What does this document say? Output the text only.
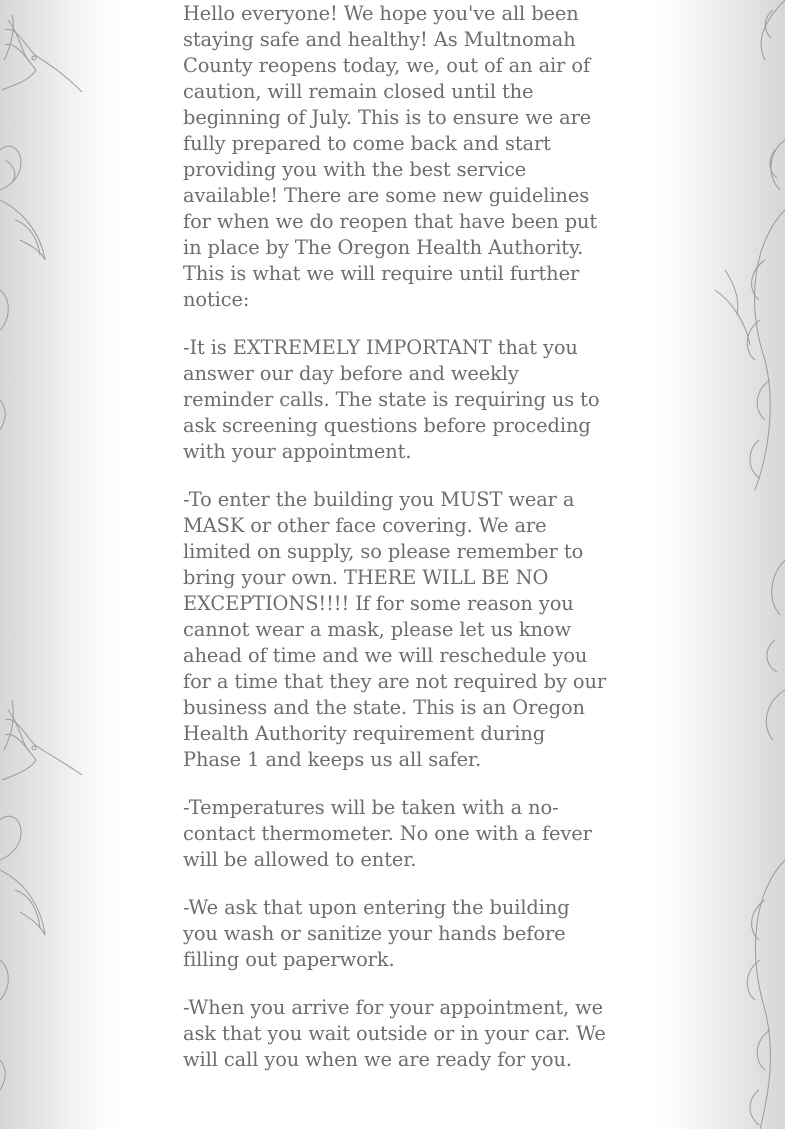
Hello everyone! We hope you've all been staying safe and healthy! As Multnomah County reopens today, we, out of an air of caution, will remain closed until the beginning of July. This is to ensure we are fully prepared to come back and start providing you with the best service available! There are some new guidelines for when we do reopen that have been put in place by The Oregon Health Authority. This is what we will require until further notice:

-It is EXTREMELY IMPORTANT that you answer our day before and weekly reminder calls. The state is requiring us to ask screening questions before proceding with your appointment.

-To enter the building you MUST wear a MASK or other face covering. We are limited on supply, so please remember to bring your own. THERE WILL BE NO EXCEPTIONS!!!! If for some reason you cannot wear a mask, please let us know ahead of time and we will reschedule you for a time that they are not required by our business and the state. This is an Oregon Health Authority requirement during Phase 1 and keeps us all safer.

-Temperatures will be taken with a no-contact thermometer. No one with a fever will be allowed to enter.

-We ask that upon entering the building you wash or sanitize your hands before filling out paperwork.

-When you arrive for your appointment, we ask that you wait outside or in your car. We will call you when we are ready for you.
